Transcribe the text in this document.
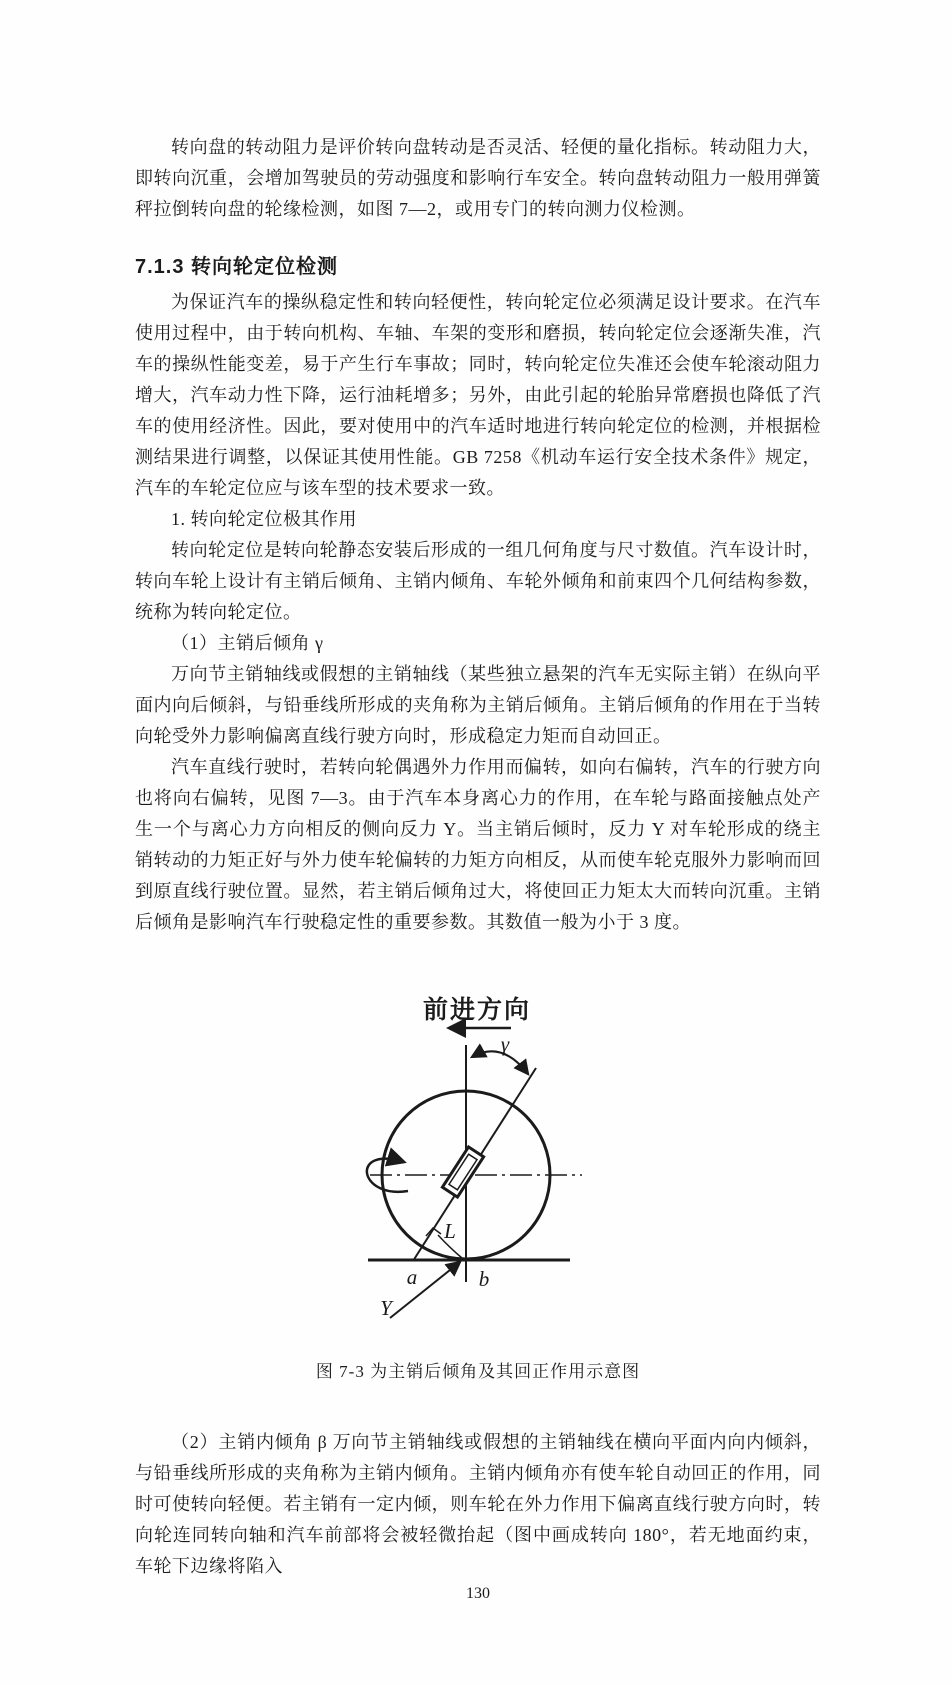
转向盘的转动阻力是评价转向盘转动是否灵活、轻便的量化指标。转动阻力大，即转向沉重，会增加驾驶员的劳动强度和影响行车安全。转向盘转动阻力一般用弹簧秤拉倒转向盘的轮缘检测，如图 7—2，或用专门的转向测力仪检测。

7.1.3 转向轮定位检测

为保证汽车的操纵稳定性和转向轻便性，转向轮定位必须满足设计要求。在汽车使用过程中，由于转向机构、车轴、车架的变形和磨损，转向轮定位会逐渐失准，汽车的操纵性能变差，易于产生行车事故；同时，转向轮定位失准还会使车轮滚动阻力增大，汽车动力性下降，运行油耗增多；另外，由此引起的轮胎异常磨损也降低了汽车的使用经济性。因此，要对使用中的汽车适时地进行转向轮定位的检测，并根据检测结果进行调整，以保证其使用性能。GB 7258《机动车运行安全技术条件》规定，汽车的车轮定位应与该车型的技术要求一致。

1. 转向轮定位极其作用

转向轮定位是转向轮静态安装后形成的一组几何角度与尺寸数值。汽车设计时，转向车轮上设计有主销后倾角、主销内倾角、车轮外倾角和前束四个几何结构参数，统称为转向轮定位。

（1）主销后倾角 γ

万向节主销轴线或假想的主销轴线（某些独立悬架的汽车无实际主销）在纵向平面内向后倾斜，与铅垂线所形成的夹角称为主销后倾角。主销后倾角的作用在于当转向轮受外力影响偏离直线行驶方向时，形成稳定力矩而自动回正。

汽车直线行驶时，若转向轮偶遇外力作用而偏转，如向右偏转，汽车的行驶方向也将向右偏转，见图 7—3。由于汽车本身离心力的作用，在车轮与路面接触点处产生一个与离心力方向相反的侧向反力 Y。当主销后倾时，反力 Y 对车轮形成的绕主销转动的力矩正好与外力使车轮偏转的力矩方向相反，从而使车轮克服外力影响而回到原直线行驶位置。显然，若主销后倾角过大，将使回正力矩太大而转向沉重。主销后倾角是影响汽车行驶稳定性的重要参数。其数值一般为小于 3 度。

前进方向
γ
L
a	b
Y
图 7-3 为主销后倾角及其回正作用示意图

（2）主销内倾角 β 万向节主销轴线或假想的主销轴线在横向平面内向内倾斜，与铅垂线所形成的夹角称为主销内倾角。主销内倾角亦有使车轮自动回正的作用，同时可使转向轻便。若主销有一定内倾，则车轮在外力作用下偏离直线行驶方向时，转向轮连同转向轴和汽车前部将会被轻微抬起（图中画成转向 180°，若无地面约束，车轮下边缘将陷入

130
